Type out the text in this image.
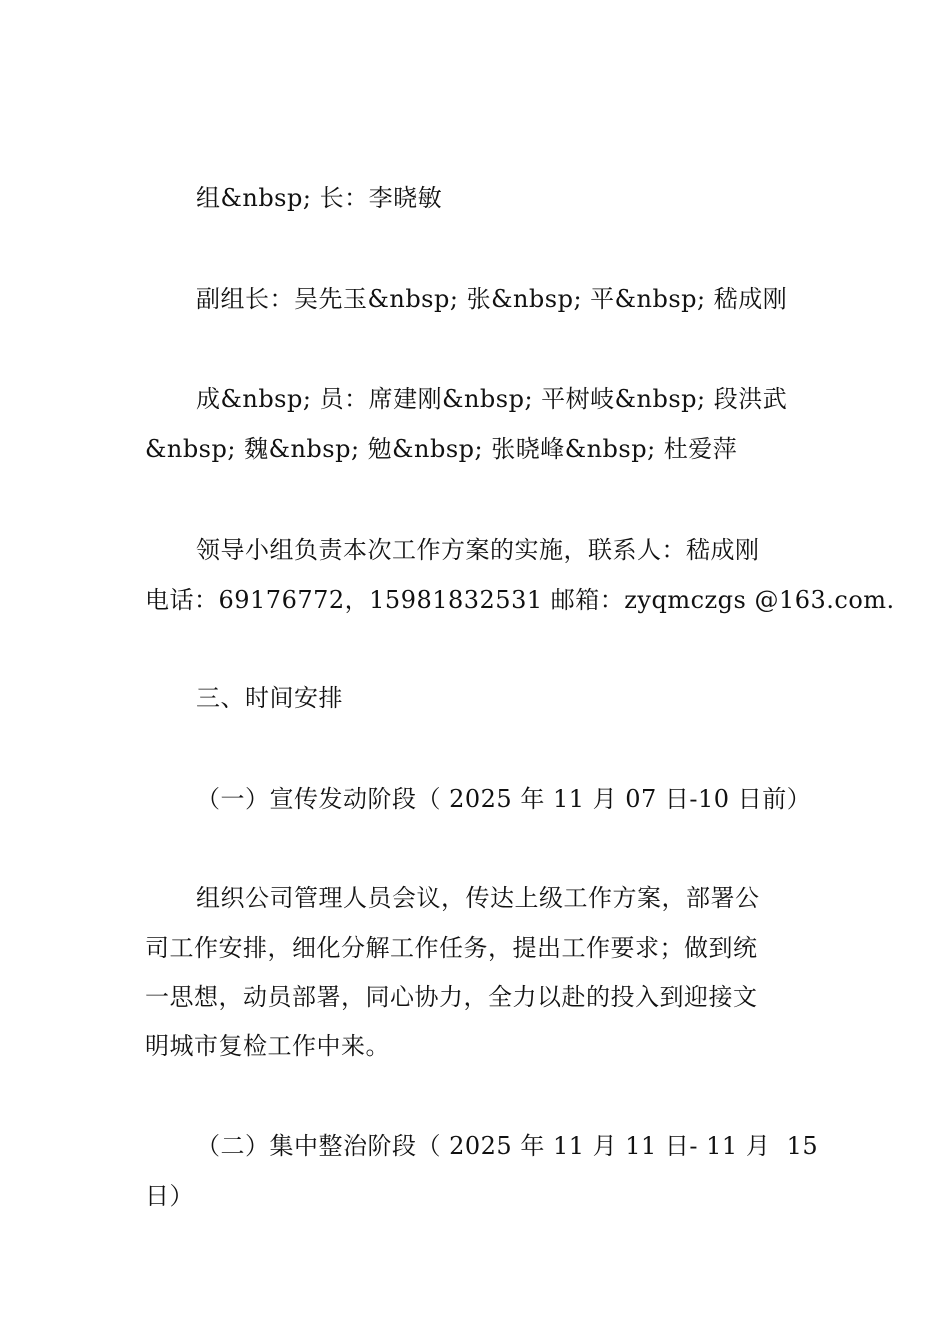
组&nbsp; 长：李晓敏
副组长：吴先玉&nbsp; 张&nbsp; 平&nbsp; 嵇成刚
成&nbsp; 员：席建刚&nbsp; 平树岐&nbsp; 段洪武
&nbsp; 魏&nbsp; 勉&nbsp; 张晓峰&nbsp; 杜爱萍
领导小组负责本次工作方案的实施，联系人：嵇成刚
电话：69176772，15981832531 邮箱：zyqmczgs @163.com.
三、时间安排
（一）宣传发动阶段（ 2025 年 11 月 07 日-10 日前）
组织公司管理人员会议，传达上级工作方案，部署公
司工作安排，细化分解工作任务，提出工作要求；做到统
一思想，动员部署，同心协力，全力以赴的投入到迎接文
明城市复检工作中来。
（二）集中整治阶段（ 2025 年 11 月 11 日- 11 月  15
日）
